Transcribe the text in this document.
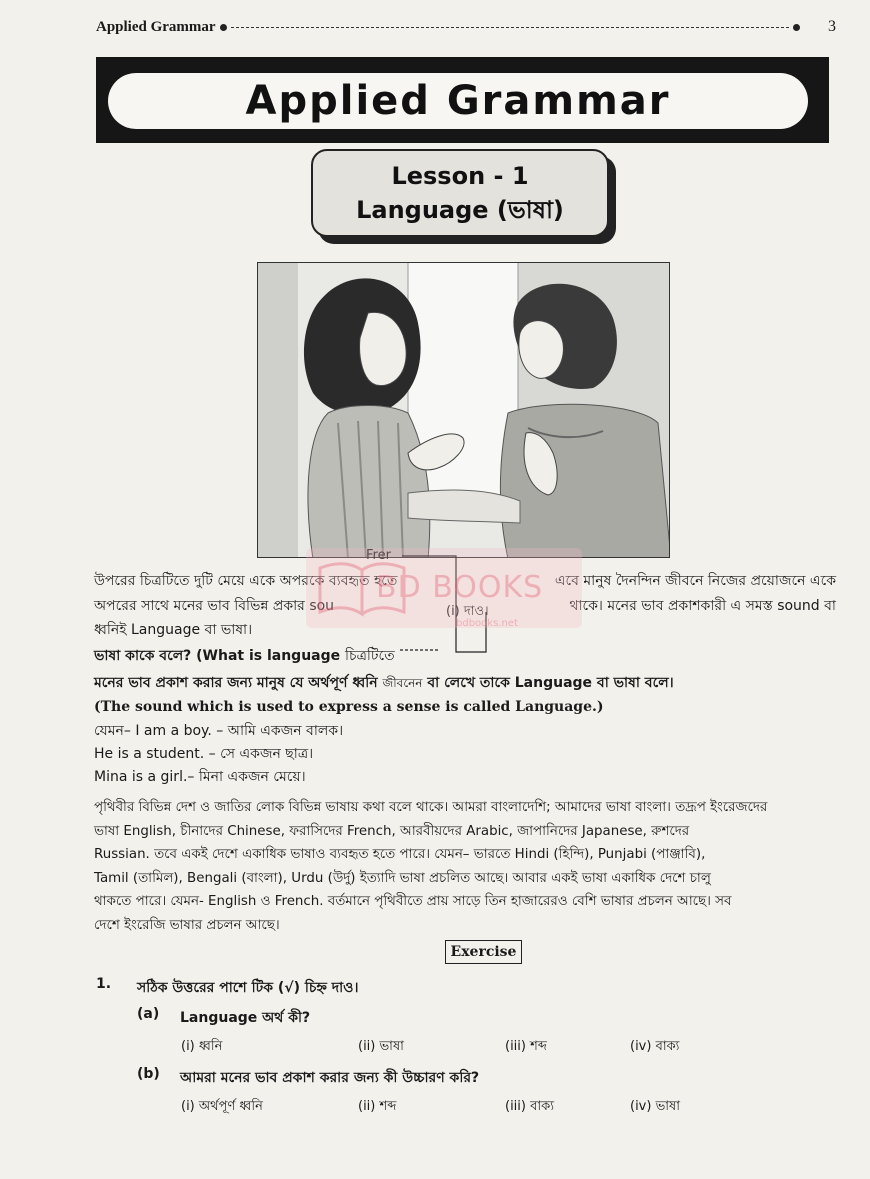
Applied Grammar	3
Applied Grammar
Lesson - 1
Language (ভাষা)
Frer
উপরের চিত্রটিতে দুটি মেয়ে একে অপরকে ব্যবহৃত হতে	এবে মানুষ দৈনন্দিন জীবনে নিজের প্রয়োজনে একে
অপরের সাথে মনের ভাব বিভিন্ন প্রকার sou	(i) দাও।	থাকে। মনের ভাব প্রকাশকারী এ সমস্ত sound বা
ধ্বনিই Language বা ভাষা।
ভাষা কাকে বলে? (What is language চিত্রটিতে
মনের ভাব প্রকাশ করার জন্য মানুষ যে অর্থপূর্ণ ধ্বনি জীবনেন বা লেখে তাকে Language বা ভাষা বলে।
(The sound which is used to express a sense is called Language.)
যেমন– I am a boy. – আমি একজন বালক।
He is a student. – সে একজন ছাত্র।
Mina is a girl.– মিনা একজন মেয়ে।
পৃথিবীর বিভিন্ন দেশ ও জাতির লোক বিভিন্ন ভাষায় কথা বলে থাকে। আমরা বাংলাদেশি; আমাদের ভাষা বাংলা। তদ্রূপ ইংরেজদের
ভাষা English, চীনাদের Chinese, ফরাসিদের French, আরবীয়দের Arabic, জাপানিদের Japanese, রুশদের
Russian. তবে একই দেশে একাধিক ভাষাও ব্যবহৃত হতে পারে। যেমন– ভারতে Hindi (হিন্দি), Punjabi (পাঞ্জাবি),
Tamil (তামিল), Bengali (বাংলা), Urdu (উর্দু) ইত্যাদি ভাষা প্রচলিত আছে। আবার একই ভাষা একাধিক দেশে চালু
থাকতে পারে। যেমন- English ও French. বর্তমানে পৃথিবীতে প্রায় সাড়ে তিন হাজারেরও বেশি ভাষার প্রচলন আছে। সব
দেশে ইংরেজি ভাষার প্রচলন আছে।
Exercise
1. সঠিক উত্তরের পাশে টিক (√) চিহ্ন দাও।
(a) Language অর্থ কী?
(i) ধ্বনি	(ii) ভাষা	(iii) শব্দ	(iv) বাক্য
(b) আমরা মনের ভাব প্রকাশ করার জন্য কী উচ্চারণ করি?
(i) অর্থপূর্ণ ধ্বনি	(ii) শব্দ	(iii) বাক্য	(iv) ভাষা
BD BOOKS
bdbooks.net
